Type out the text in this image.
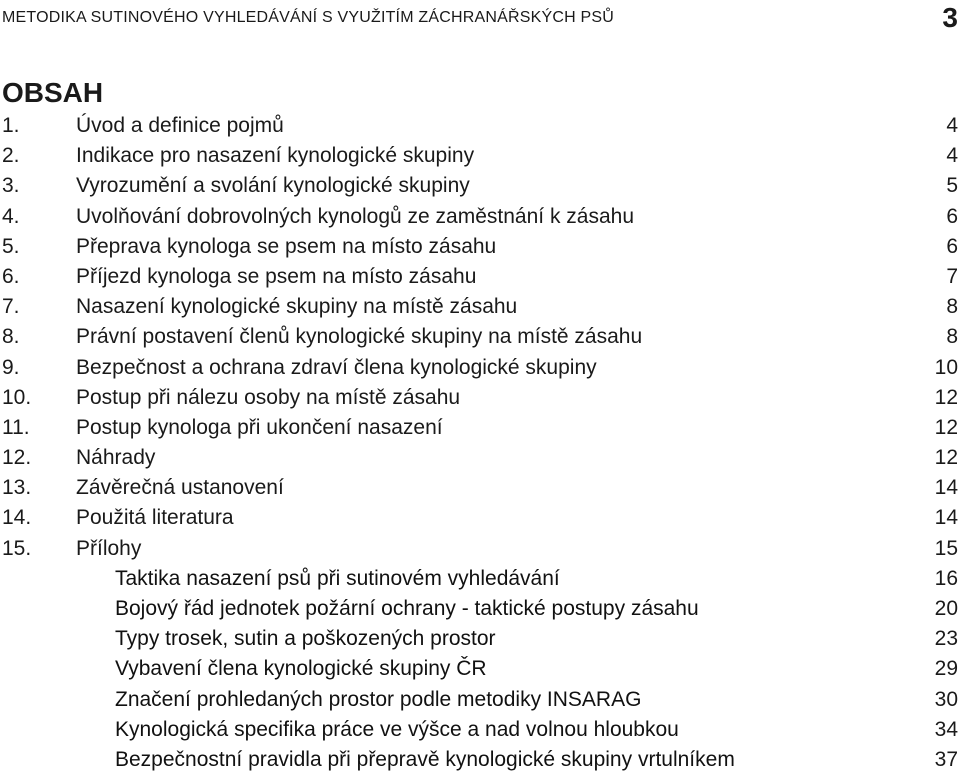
METODIKA SUTINOVÉHO VYHLEDÁVÁNÍ S VYUŽITÍM ZÁCHRANÁŘSKÝCH PSŮ	3
OBSAH
1.	Úvod a definice pojmů	4
2.	Indikace pro nasazení kynologické skupiny	4
3.	Vyrozumění a svolání kynologické skupiny	5
4.	Uvolňování dobrovolných kynologů ze zaměstnání k zásahu	6
5.	Přeprava kynologa se psem na místo zásahu	6
6.	Příjezd kynologa se psem na místo zásahu	7
7.	Nasazení kynologické skupiny na místě zásahu	8
8.	Právní postavení členů kynologické skupiny na místě zásahu	8
9.	Bezpečnost a ochrana zdraví člena kynologické skupiny	10
10. Postup při nálezu osoby na místě zásahu	12
11. Postup kynologa při ukončení nasazení	12
12. Náhrady	12
13. Závěrečná ustanovení	14
14. Použitá literatura	14
15. Přílohy	15
Taktika nasazení psů při sutinovém vyhledávání	16
Bojový řád jednotek požární ochrany - taktické postupy zásahu	20
Typy trosek, sutin a poškozených prostor	23
Vybavení člena kynologické skupiny ČR	29
Značení prohledaných prostor podle metodiky INSARAG	30
Kynologická specifika práce ve výšce a nad volnou hloubkou	34
Bezpečnostní pravidla při přepravě kynologické skupiny vrtulníkem	37
